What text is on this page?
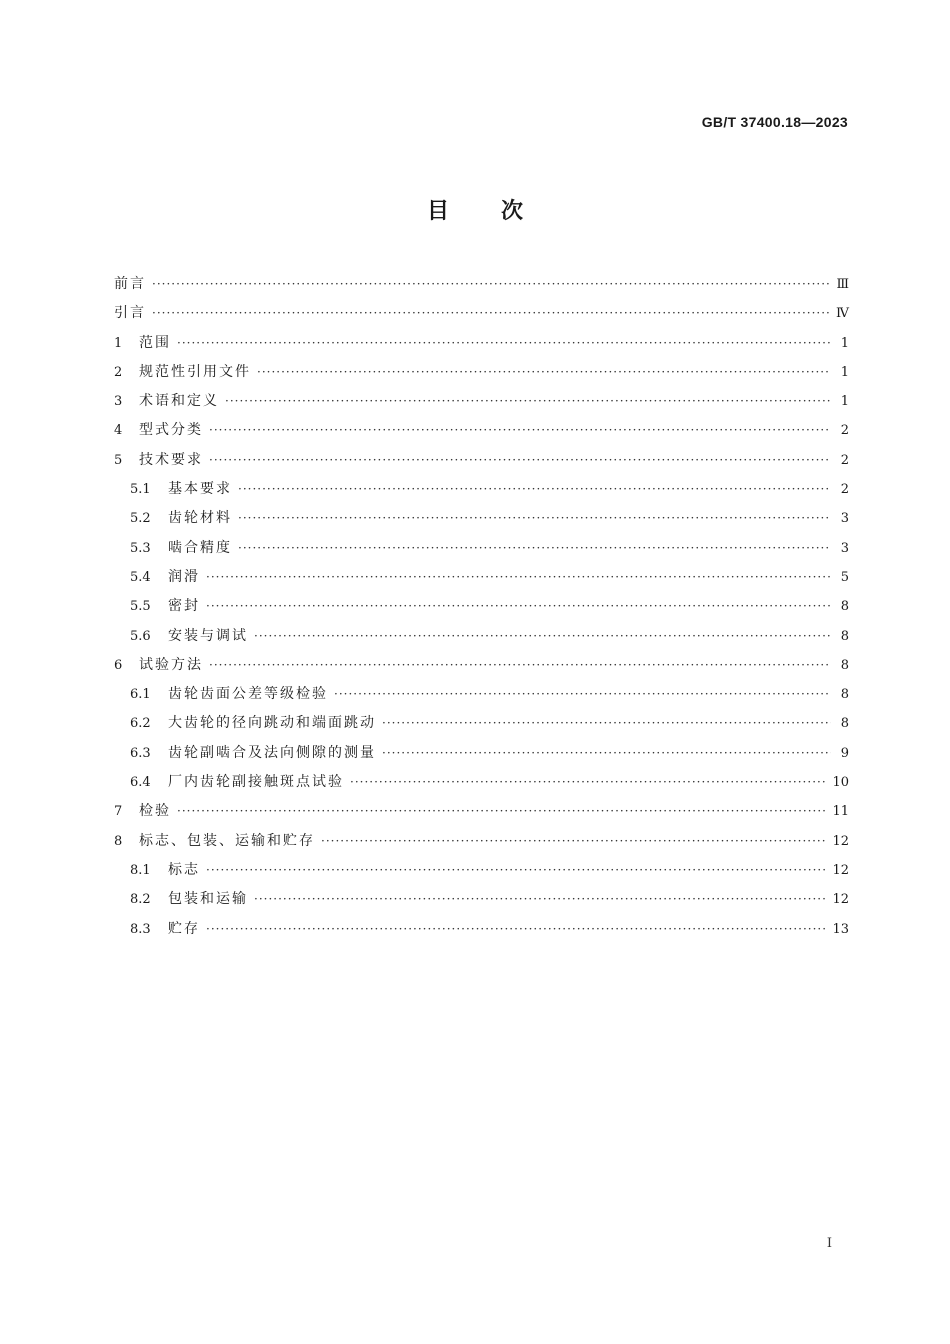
GB/T 37400.18—2023
目次
前言 ·····	Ⅲ
引言 ·····	Ⅳ
1	范围 ·····	1
2	规范性引用文件 ·····	1
3	术语和定义 ·····	1
4	型式分类 ·····	2
5	技术要求 ·····	2
5.1	基本要求 ·····	2
5.2	齿轮材料 ·····	3
5.3	啮合精度 ·····	3
5.4	润滑 ·····	5
5.5	密封 ·····	8
5.6	安装与调试 ·····	8
6	试验方法 ·····	8
6.1	齿轮齿面公差等级检验 ·····	8
6.2	大齿轮的径向跳动和端面跳动 ·····	8
6.3	齿轮副啮合及法向侧隙的测量 ·····	9
6.4	厂内齿轮副接触斑点试验 ·····	10
7	检验 ·····	11
8	标志、包装、运输和贮存 ·····	12
8.1	标志 ·····	12
8.2	包装和运输 ·····	12
8.3	贮存 ·····	13
I
